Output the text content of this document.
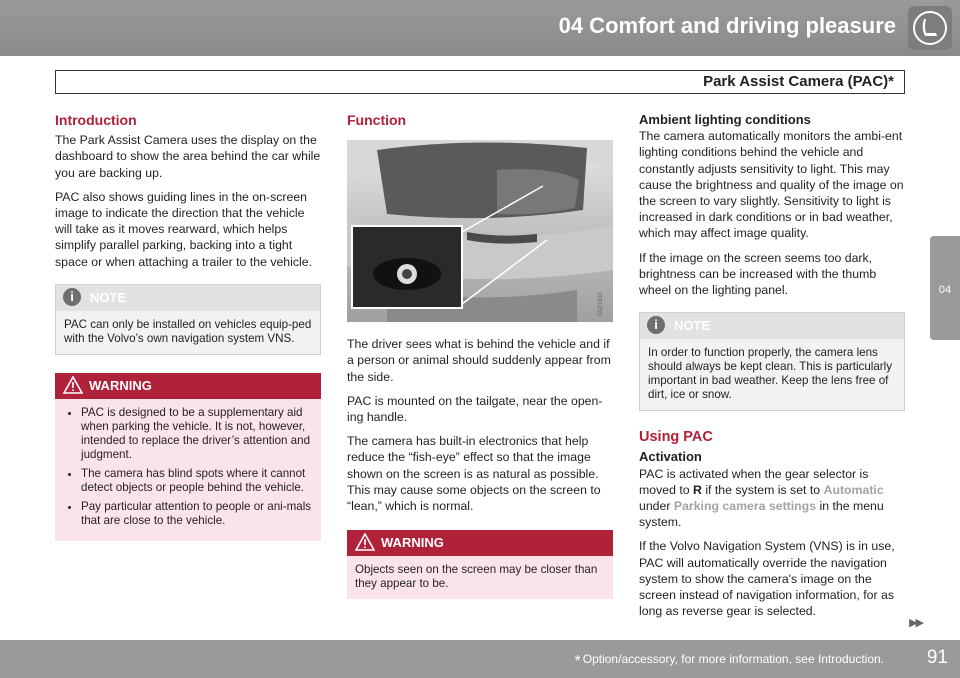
04 Comfort and driving pleasure
Park Assist Camera (PAC)*
04
Introduction

The Park Assist Camera uses the display on the dashboard to show the area behind the car while you are backing up.

PAC also shows guiding lines in the on-screen image to indicate the direction that the vehicle will take as it moves rearward, which helps simplify parallel parking, backing into a tight space or when attaching a trailer to the vehicle.

i	NOTE
PAC can only be installed on vehicles equip-ped with the Volvo’s own navigation system VNS.
WARNING
• PAC is designed to be a supplementary aid when parking the vehicle. It is not, however, intended to replace the driver’s attention and judgment.
• The camera has blind spots where it cannot detect objects or people behind the vehicle.
• Pay particular attention to people or ani-mals that are close to the vehicle.
Function
G021930

The driver sees what is behind the vehicle and if a person or animal should suddenly appear from the side.

PAC is mounted on the tailgate, near the open-ing handle.

The camera has built-in electronics that help reduce the “fish-eye” effect so that the image shown on the screen is as natural as possible. This may cause some objects on the screen to “lean,” which is normal.

WARNING
Objects seen on the screen may be closer than they appear to be.
Ambient lighting conditions

The camera automatically monitors the ambi-ent lighting conditions behind the vehicle and constantly adjusts sensitivity to light. This may cause the brightness and quality of the image on the screen to vary slightly. Sensitivity to light is increased in dark conditions or in bad weather, which may affect image quality.

If the image on the screen seems too dark, brightness can be increased with the thumb wheel on the lighting panel.

i	NOTE
In order to function properly, the camera lens should always be kept clean. This is particularly important in bad weather. Keep the lens free of dirt, ice or snow.
Using PAC
Activation

PAC is activated when the gear selector is moved to R if the system is set to Automatic under Parking camera settings in the menu system.

If the Volvo Navigation System (VNS) is in use, PAC will automatically override the navigation system to show the camera's image on the screen instead of navigation information, for as long as reverse gear is selected.

▶▶
* Option/accessory, for more information, see Introduction. 91
